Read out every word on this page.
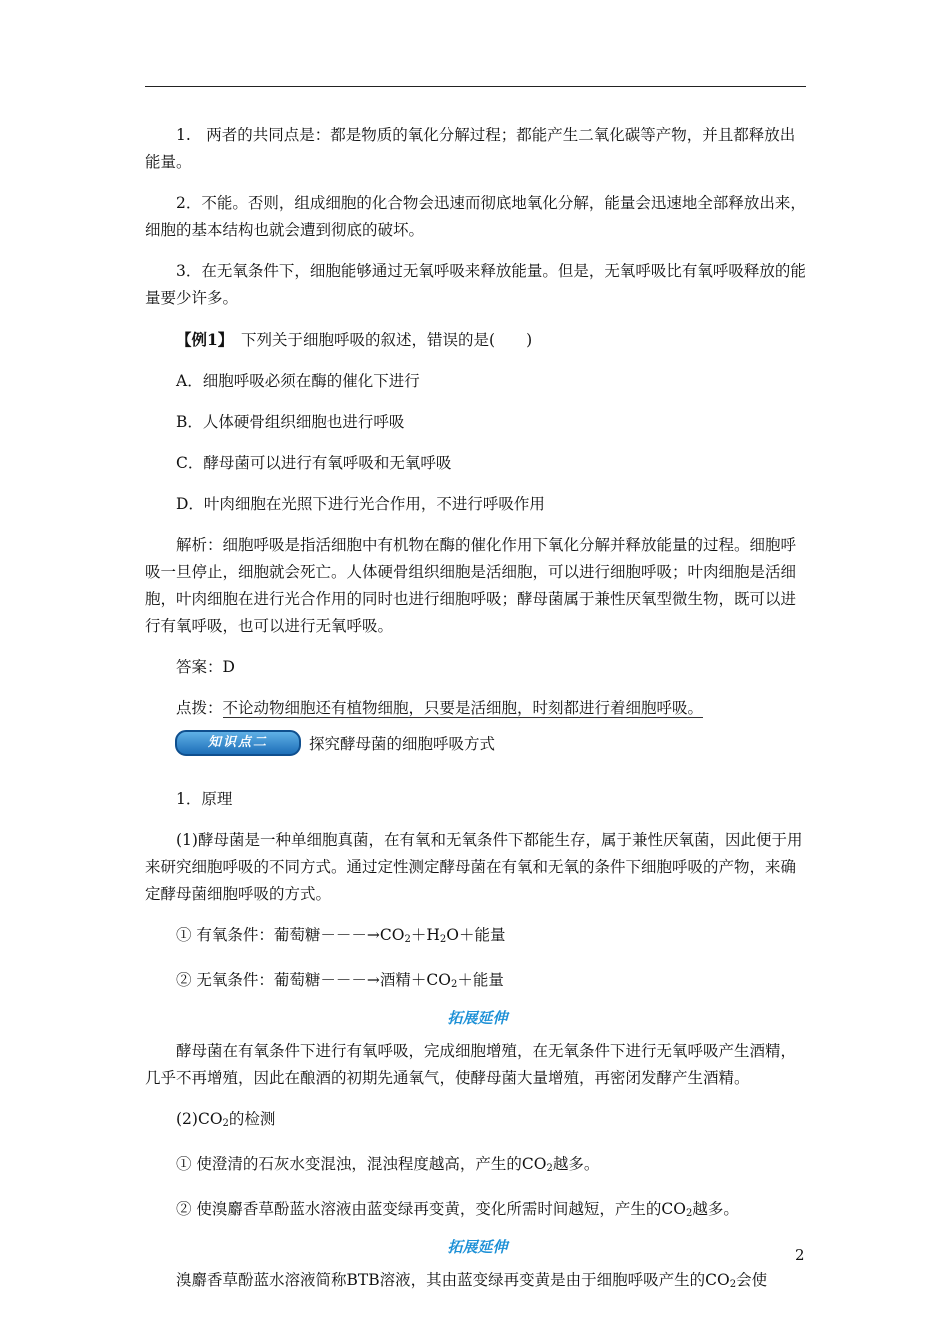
1.　两者的共同点是：都是物质的氧化分解过程；都能产生二氧化碳等产物，并且都释放出能量。

2．不能。否则，组成细胞的化合物会迅速而彻底地氧化分解，能量会迅速地全部释放出来，细胞的基本结构也就会遭到彻底的破坏。

3．在无氧条件下，细胞能够通过无氧呼吸来释放能量。但是，无氧呼吸比有氧呼吸释放的能量要少许多。

【例1】　下列关于细胞呼吸的叙述，错误的是(　　)

A．细胞呼吸必须在酶的催化下进行

B．人体硬骨组织细胞也进行呼吸

C．酵母菌可以进行有氧呼吸和无氧呼吸

D．叶肉细胞在光照下进行光合作用，不进行呼吸作用

解析：细胞呼吸是指活细胞中有机物在酶的催化作用下氧化分解并释放能量的过程。细胞呼吸一旦停止，细胞就会死亡。人体硬骨组织细胞是活细胞，可以进行细胞呼吸；叶肉细胞是活细胞，叶肉细胞在进行光合作用的同时也进行细胞呼吸；酵母菌属于兼性厌氧型微生物，既可以进行有氧呼吸，也可以进行无氧呼吸。

答案：D

点拨：不论动物细胞还有植物细胞，只要是活细胞，时刻都进行着细胞呼吸。

知识点二	探究酵母菌的细胞呼吸方式

1．原理

(1)酵母菌是一种单细胞真菌，在有氧和无氧条件下都能生存，属于兼性厌氧菌，因此便于用来研究细胞呼吸的不同方式。通过定性测定酵母菌在有氧和无氧的条件下细胞呼吸的产物，来确定酵母菌细胞呼吸的方式。

① 有氧条件：葡萄糖$---\to CO_2+H_2O+$能量

② 无氧条件：葡萄糖－－－→酒精$+CO_2+$能量

拓展延伸

酵母菌在有氧条件下进行有氧呼吸，完成细胞增殖，在无氧条件下进行无氧呼吸产生酒精，几乎不再增殖，因此在酿酒的初期先通氧气，使酵母菌大量增殖，再密闭发酵产生酒精。

$(2)CO_2$的检测

① 使澄清的石灰水变混浊，混浊程度越高，产生的$CO_2$越多。

② 使溴麝香草酚蓝水溶液由蓝变绿再变黄，变化所需时间越短，产生的$CO_2$越多。

拓展延伸

溴麝香草酚蓝水溶液简称BTB溶液，其由蓝变绿再变黄是由于细胞呼吸产生的$CO_2$会使

2
